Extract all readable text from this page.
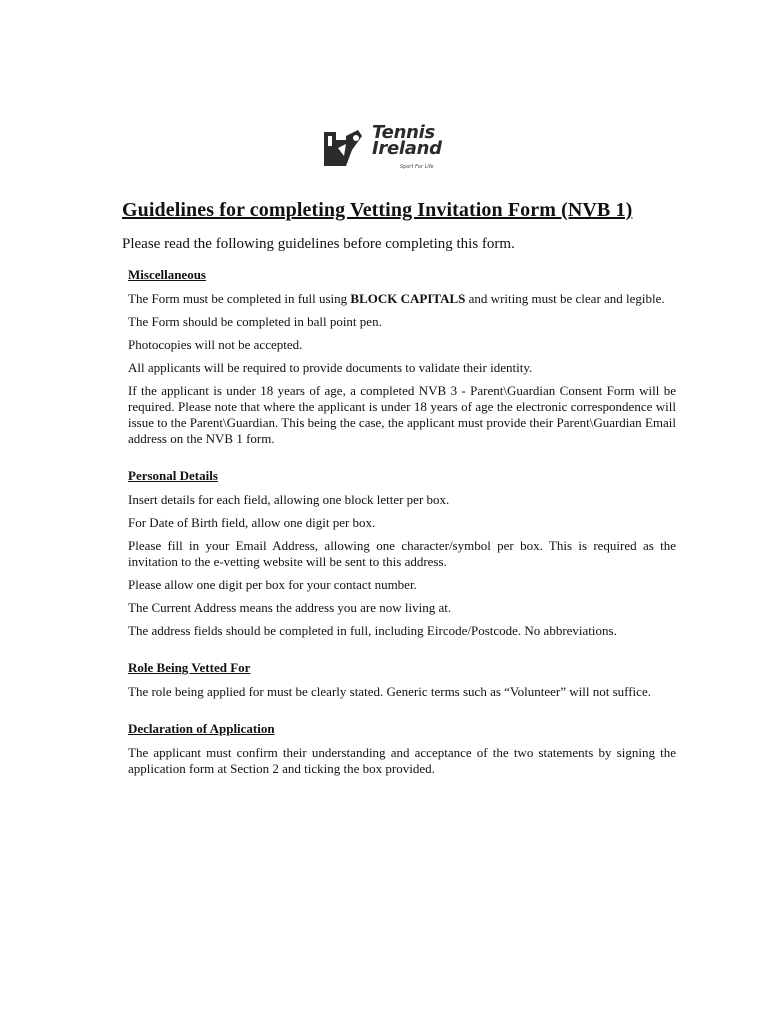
Tennis
Ireland
Sport For Life
Guidelines for completing Vetting Invitation Form (NVB 1)

Please read the following guidelines before completing this form.

Miscellaneous

The Form must be completed in full using BLOCK CAPITALS and writing must be clear and legible.

The Form should be completed in ball point pen.

Photocopies will not be accepted.

All applicants will be required to provide documents to validate their identity.

If the applicant is under 18 years of age, a completed NVB 3 - Parent\Guardian Consent Form will be required. Please note that where the applicant is under 18 years of age the electronic correspondence will issue to the Parent\Guardian. This being the case, the applicant must provide their Parent\Guardian Email address on the NVB 1 form.

Personal Details

Insert details for each field, allowing one block letter per box.

For Date of Birth field, allow one digit per box.

Please fill in your Email Address, allowing one character/symbol per box. This is required as the invitation to the e-vetting website will be sent to this address.

Please allow one digit per box for your contact number.

The Current Address means the address you are now living at.

The address fields should be completed in full, including Eircode/Postcode. No abbreviations.

Role Being Vetted For

The role being applied for must be clearly stated. Generic terms such as “Volunteer” will not suffice.

Declaration of Application

The applicant must confirm their understanding and acceptance of the two statements by signing the application form at Section 2 and ticking the box provided.
